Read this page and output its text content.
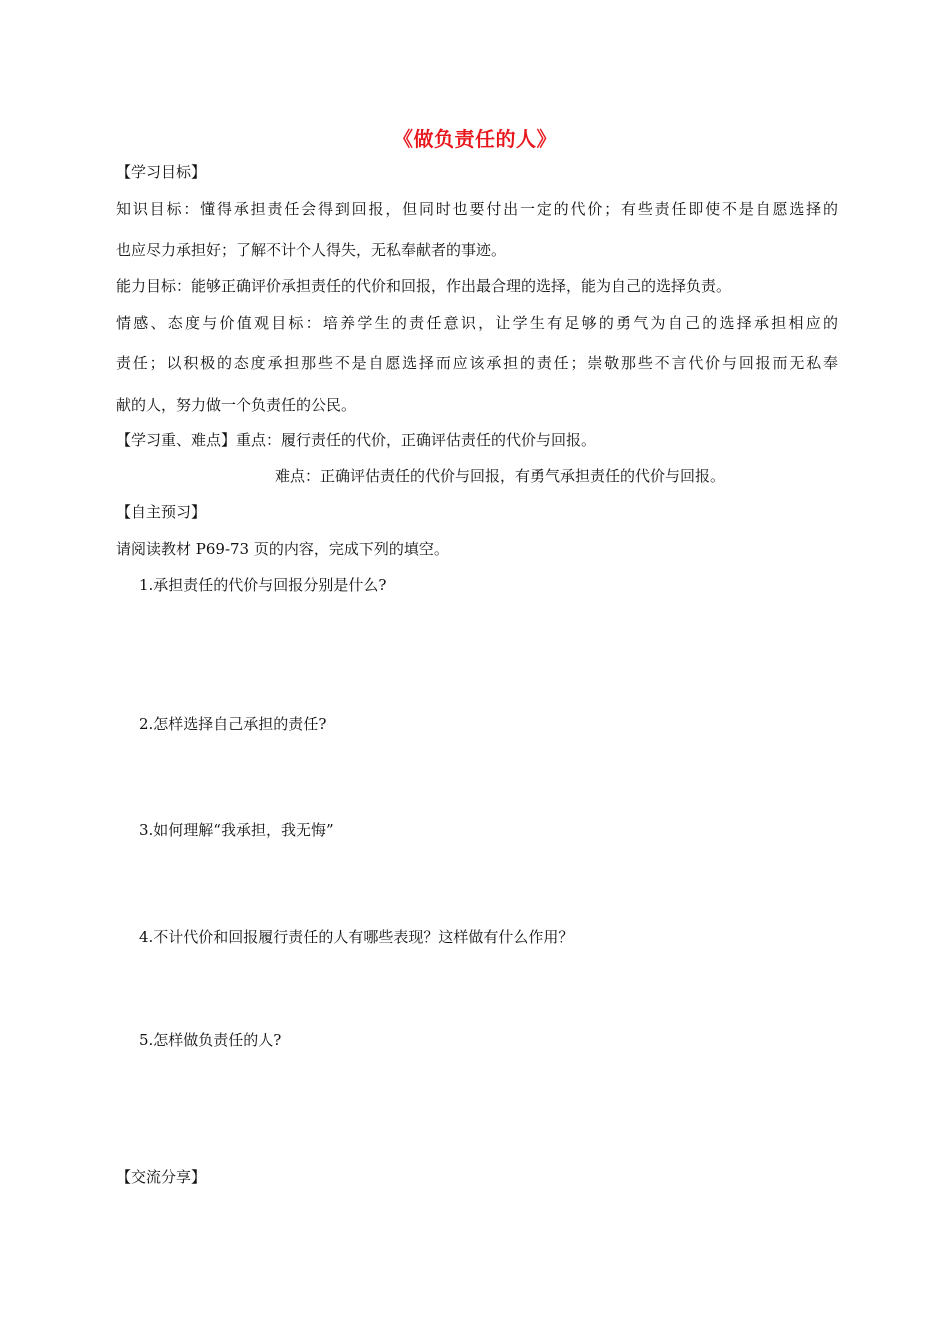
《做负责任的人》
【学习目标】
知识目标：懂得承担责任会得到回报，但同时也要付出一定的代价；有些责任即使不是自愿选择的
也应尽力承担好；了解不计个人得失，无私奉献者的事迹。
能力目标：能够正确评价承担责任的代价和回报，作出最合理的选择，能为自己的选择负责。
情感、态度与价值观目标：培养学生的责任意识，让学生有足够的勇气为自己的选择承担相应的
责任；以积极的态度承担那些不是自愿选择而应该承担的责任；崇敬那些不言代价与回报而无私奉
献的人，努力做一个负责任的公民。
【学习重、难点】重点：履行责任的代价，正确评估责任的代价与回报。
难点：正确评估责任的代价与回报，有勇气承担责任的代价与回报。
【自主预习】
请阅读教材 P69-73 页的内容，完成下列的填空。
1.承担责任的代价与回报分别是什么?
2.怎样选择自己承担的责任?
3.如何理解“我承担，我无悔”
4.不计代价和回报履行责任的人有哪些表现？这样做有什么作用？
5.怎样做负责任的人?
【交流分享】
